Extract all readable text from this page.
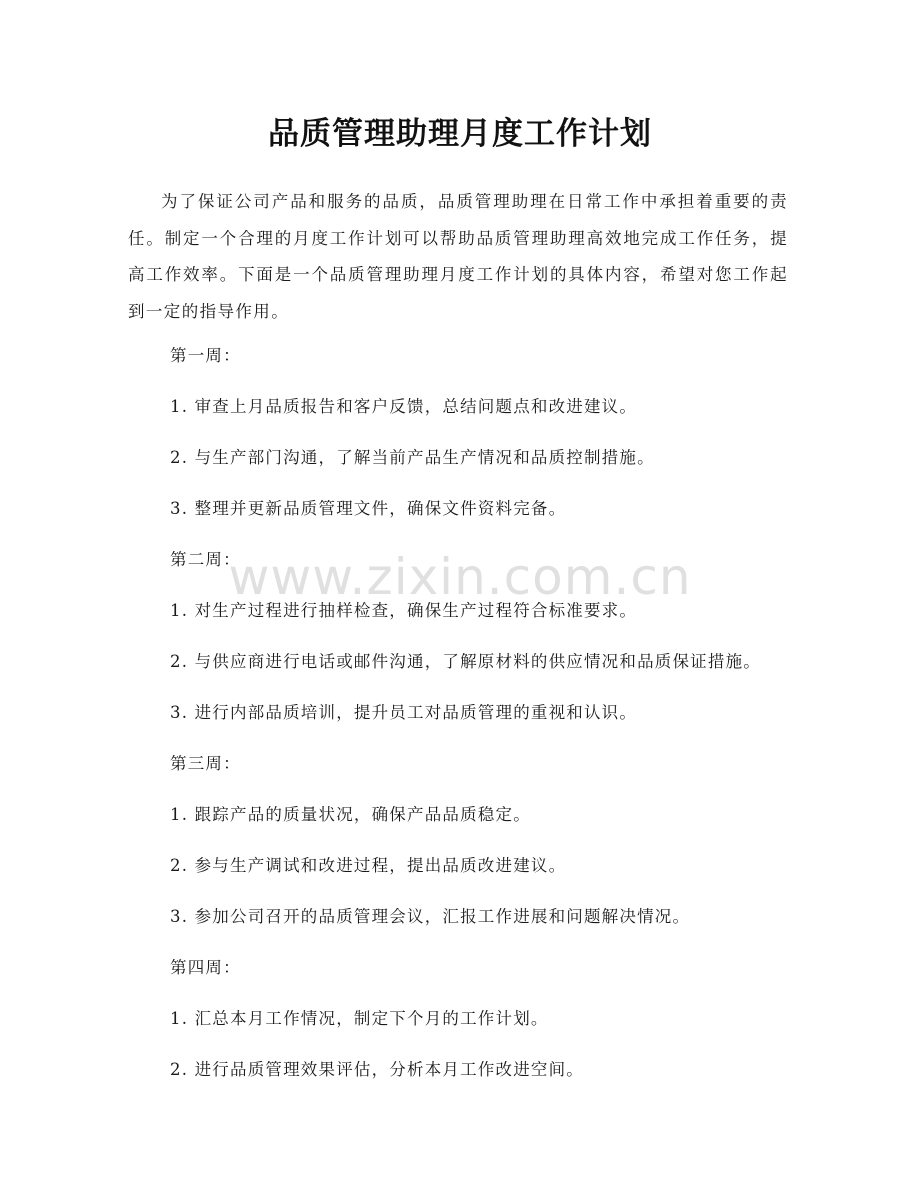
品质管理助理月度工作计划

为了保证公司产品和服务的品质，品质管理助理在日常工作中承担着重要的责任。制定一个合理的月度工作计划可以帮助品质管理助理高效地完成工作任务，提高工作效率。下面是一个品质管理助理月度工作计划的具体内容，希望对您工作起到一定的指导作用。

第一周：
1. 审查上月品质报告和客户反馈，总结问题点和改进建议。
2. 与生产部门沟通，了解当前产品生产情况和品质控制措施。
3. 整理并更新品质管理文件，确保文件资料完备。
第二周：
1. 对生产过程进行抽样检查，确保生产过程符合标准要求。
2. 与供应商进行电话或邮件沟通，了解原材料的供应情况和品质保证措施。
3. 进行内部品质培训，提升员工对品质管理的重视和认识。
第三周：
1. 跟踪产品的质量状况，确保产品品质稳定。
2. 参与生产调试和改进过程，提出品质改进建议。
3. 参加公司召开的品质管理会议，汇报工作进展和问题解决情况。
第四周：
1. 汇总本月工作情况，制定下个月的工作计划。
2. 进行品质管理效果评估，分析本月工作改进空间。
www.zixin.com.cn
